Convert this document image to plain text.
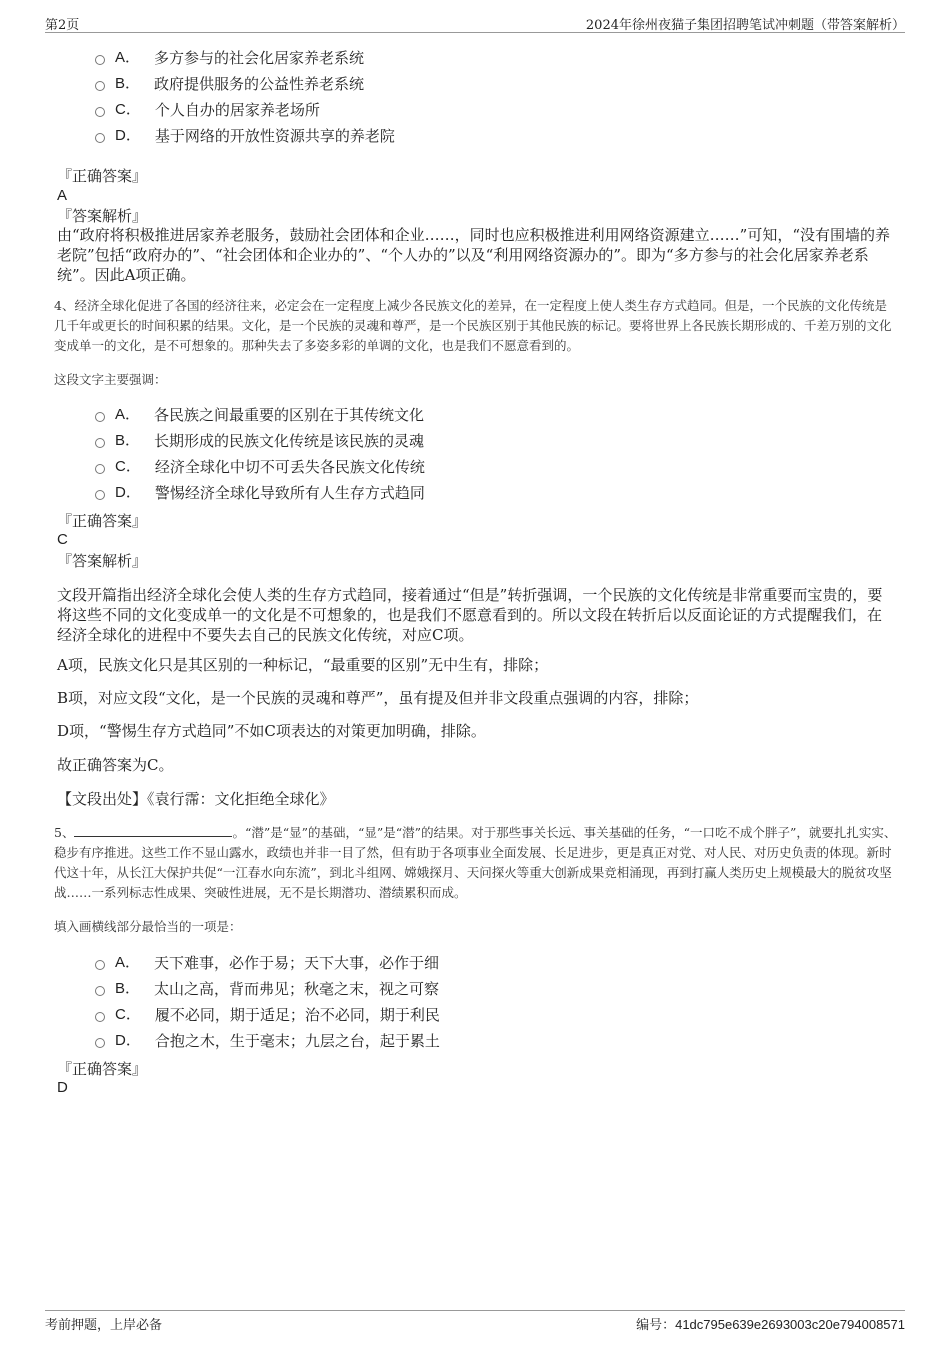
第2页	2024年徐州夜猫子集团招聘笔试冲刺题（带答案解析）
A． 多方参与的社会化居家养老系统
B． 政府提供服务的公益性养老系统
C． 个人自办的居家养老场所
D． 基于网络的开放性资源共享的养老院
『正确答案』
A
『答案解析』
由“政府将积极推进居家养老服务，鼓励社会团体和企业……，同时也应积极推进利用网络资源建立……”可知，“没有围墙的养老院”包括“政府办的”、“社会团体和企业办的”、“个人办的”以及“利用网络资源办的”。即为“多方参与的社会化居家养老系统”。因此A项正确。
4、经济全球化促进了各国的经济往来，必定会在一定程度上减少各民族文化的差异，在一定程度上使人类生存方式趋同。但是，一个民族的文化传统是几千年或更长的时间积累的结果。文化，是一个民族的灵魂和尊严，是一个民族区别于其他民族的标记。要将世界上各民族长期形成的、千差万别的文化变成单一的文化，是不可想象的。那种失去了多姿多彩的单调的文化，也是我们不愿意看到的。
这段文字主要强调：
A． 各民族之间最重要的区别在于其传统文化
B． 长期形成的民族文化传统是该民族的灵魂
C． 经济全球化中切不可丢失各民族文化传统
D． 警惕经济全球化导致所有人生存方式趋同
『正确答案』
C
『答案解析』
文段开篇指出经济全球化会使人类的生存方式趋同，接着通过“但是”转折强调，一个民族的文化传统是非常重要而宝贵的，要将这些不同的文化变成单一的文化是不可想象的，也是我们不愿意看到的。所以文段在转折后以反面论证的方式提醒我们，在经济全球化的进程中不要失去自己的民族文化传统，对应C项。
A项，民族文化只是其区别的一种标记，“最重要的区别”无中生有，排除；
B项，对应文段“文化，是一个民族的灵魂和尊严”，虽有提及但并非文段重点强调的内容，排除；
D项，“警惕生存方式趋同”不如C项表达的对策更加明确，排除。
故正确答案为C。
【文段出处】《袁行霈：文化拒绝全球化》
5、	。“潜”是“显”的基础，“显”是“潜”的结果。对于那些事关长远、事关基础的任务，“一口吃不成个胖子”，就要扎扎实实、稳步有序推进。这些工作不显山露水，政绩也并非一目了然，但有助于各项事业全面发展、长足进步，更是真正对党、对人民、对历史负责的体现。新时代这十年，从长江大保护共促“一江春水向东流”，到北斗组网、嫦娥探月、天问探火等重大创新成果竞相涌现，再到打赢人类历史上规模最大的脱贫攻坚战……一系列标志性成果、突破性进展，无不是长期潜功、潜绩累积而成。
填入画横线部分最恰当的一项是：
A． 天下难事，必作于易；天下大事，必作于细
B． 太山之高，背而弗见；秋毫之末，视之可察
C． 履不必同，期于适足；治不必同，期于利民
D． 合抱之木，生于毫末；九层之台，起于累土
『正确答案』
D
考前押题，上岸必备	编号：41dc795e639e2693003c20e794008571
